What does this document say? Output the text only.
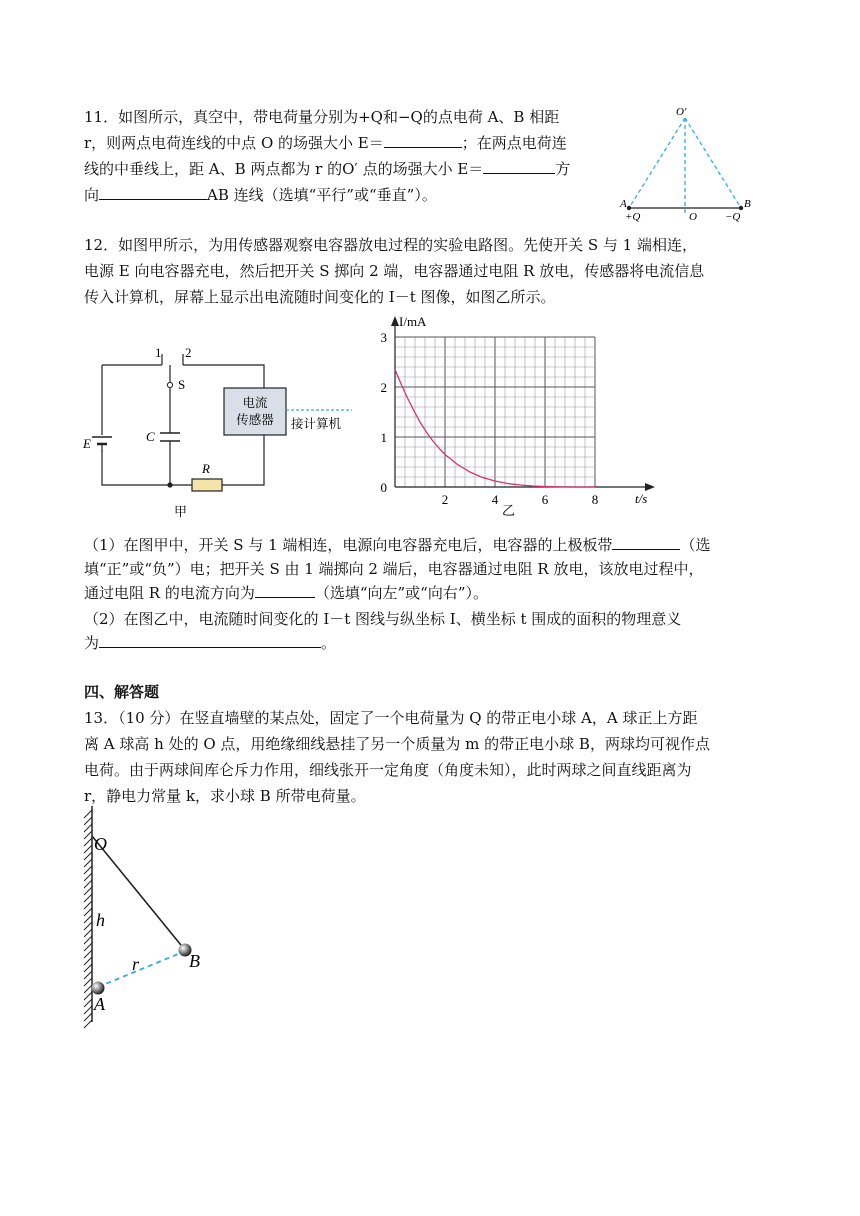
11．如图所示，真空中，带电荷量分别为+Q和−Q的点电荷 A、B 相距
r，则两点电荷连线的中点 O 的场强大小 E＝	；在两点电荷连
线的中垂线上，距 A、B 两点都为 r 的O′ 点的场强大小 E＝	方
向	AB 连线（选填“平行”或“垂直”）。
O′
A	B
O
+Q	−Q
12．如图甲所示，为用传感器观察电容器放电过程的实验电路图。先使开关 S 与 1 端相连，
电源 E 向电容器充电，然后把开关 S 掷向 2 端，电容器通过电阻 R 放电，传感器将电流信息
传入计算机，屏幕上显示出电流随时间变化的 I－t 图像，如图乙所示。
电流
传感器 接计算机
1 2
S
C
E
R
甲
I/mA
t/s
2	4	6	8
0
1
2
3
乙
（1）在图甲中，开关 S 与 1 端相连，电源向电容器充电后，电容器的上极板带	（选
填“正”或“负”）电；把开关 S 由 1 端掷向 2 端后，电容器通过电阻 R 放电，该放电过程中，
通过电阻 R 的电流方向为	（选填“向左”或“向右”）。
（2）在图乙中，电流随时间变化的 I－t 图线与纵坐标 I、横坐标 t 围成的面积的物理意义
为	。
四、解答题
13．（10 分）在竖直墙壁的某点处，固定了一个电荷量为 Q 的带正电小球 A，A 球正上方距
离 A 球高 h 处的 O 点，用绝缘细线悬挂了另一个质量为 m 的带正电小球 B，两球均可视作点
电荷。由于两球间库仑斥力作用，细线张开一定角度（角度未知），此时两球之间直线距离为
r，静电力常量 k，求小球 B 所带电荷量。
O
h
r	B
A
